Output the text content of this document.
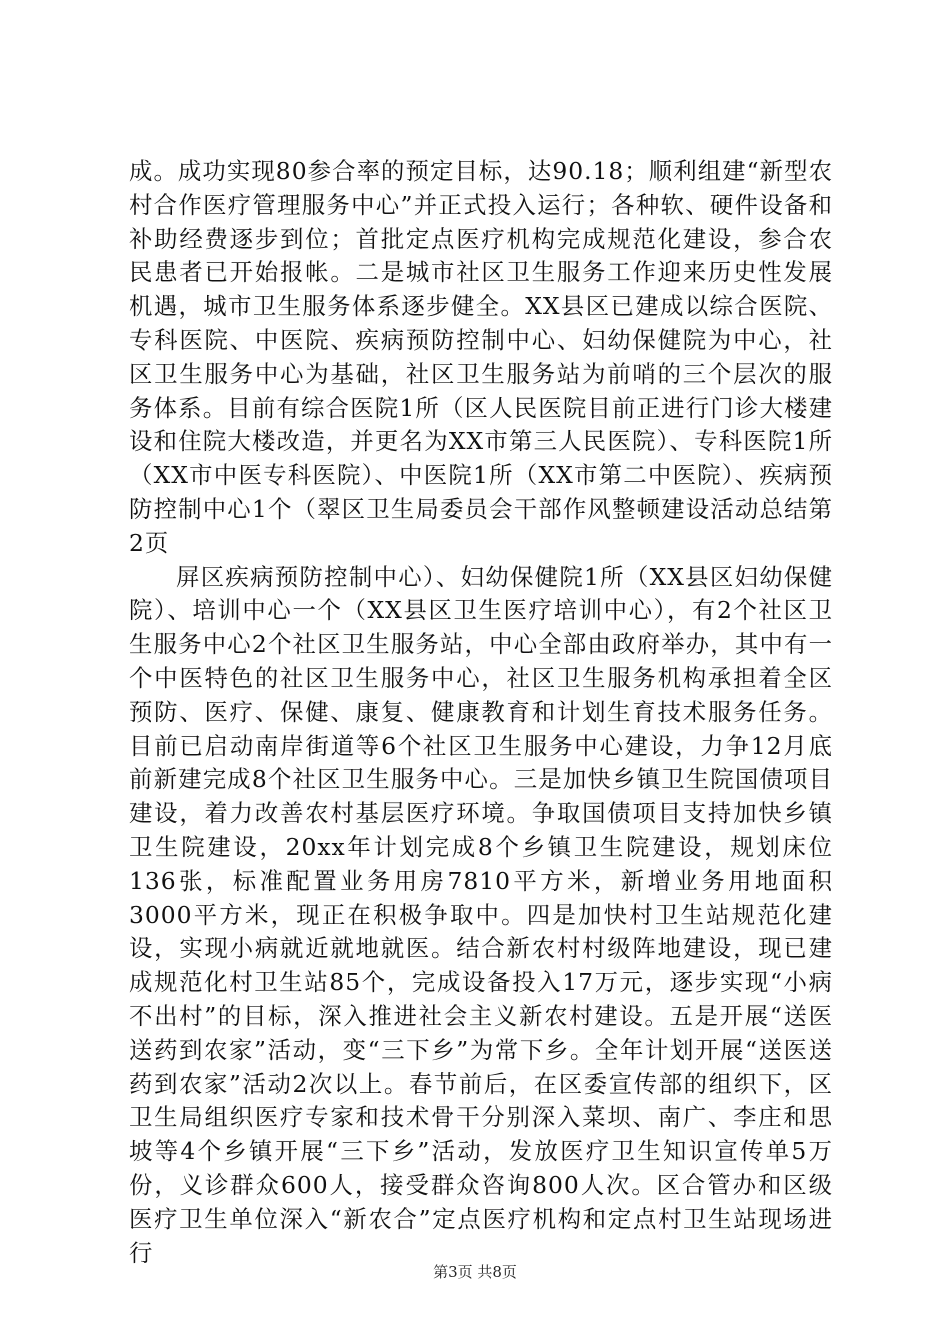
成。成功实现80参合率的预定目标，达90.18；顺利组建“新型农村合作医疗管理服务中心”并正式投入运行；各种软、硬件设备和补助经费逐步到位；首批定点医疗机构完成规范化建设，参合农民患者已开始报帐。二是城市社区卫生服务工作迎来历史性发展机遇，城市卫生服务体系逐步健全。XX县区已建成以综合医院、专科医院、中医院、疾病预防控制中心、妇幼保健院为中心，社区卫生服务中心为基础，社区卫生服务站为前哨的三个层次的服务体系。目前有综合医院1所（区人民医院目前正进行门诊大楼建设和住院大楼改造，并更名为XX市第三人民医院）、专科医院1所（XX市中医专科医院）、中医院1所（XX市第二中医院）、疾病预防控制中心1个（翠区卫生局委员会干部作风整顿建设活动总结第2页

屏区疾病预防控制中心）、妇幼保健院1所（XX县区妇幼保健院）、培训中心一个（XX县区卫生医疗培训中心），有2个社区卫生服务中心2个社区卫生服务站，中心全部由政府举办，其中有一个中医特色的社区卫生服务中心，社区卫生服务机构承担着全区预防、医疗、保健、康复、健康教育和计划生育技术服务任务。目前已启动南岸街道等6个社区卫生服务中心建设，力争12月底前新建完成8个社区卫生服务中心。三是加快乡镇卫生院国债项目建设，着力改善农村基层医疗环境。争取国债项目支持加快乡镇卫生院建设，20xx年计划完成8个乡镇卫生院建设，规划床位136张，标准配置业务用房7810平方米，新增业务用地面积3000平方米，现正在积极争取中。四是加快村卫生站规范化建设，实现小病就近就地就医。结合新农村村级阵地建设，现已建成规范化村卫生站85个，完成设备投入17万元，逐步实现“小病不出村”的目标，深入推进社会主义新农村建设。五是开展“送医送药到农家”活动，变“三下乡”为常下乡。全年计划开展“送医送药到农家”活动2次以上。春节前后，在区委宣传部的组织下，区卫生局组织医疗专家和技术骨干分别深入菜坝、南广、李庄和思坡等4个乡镇开展“三下乡”活动，发放医疗卫生知识宣传单5万份，义诊群众600人，接受群众咨询800人次。区合管办和区级医疗卫生单位深入“新农合”定点医疗机构和定点村卫生站现场进行

第3页 共8页
